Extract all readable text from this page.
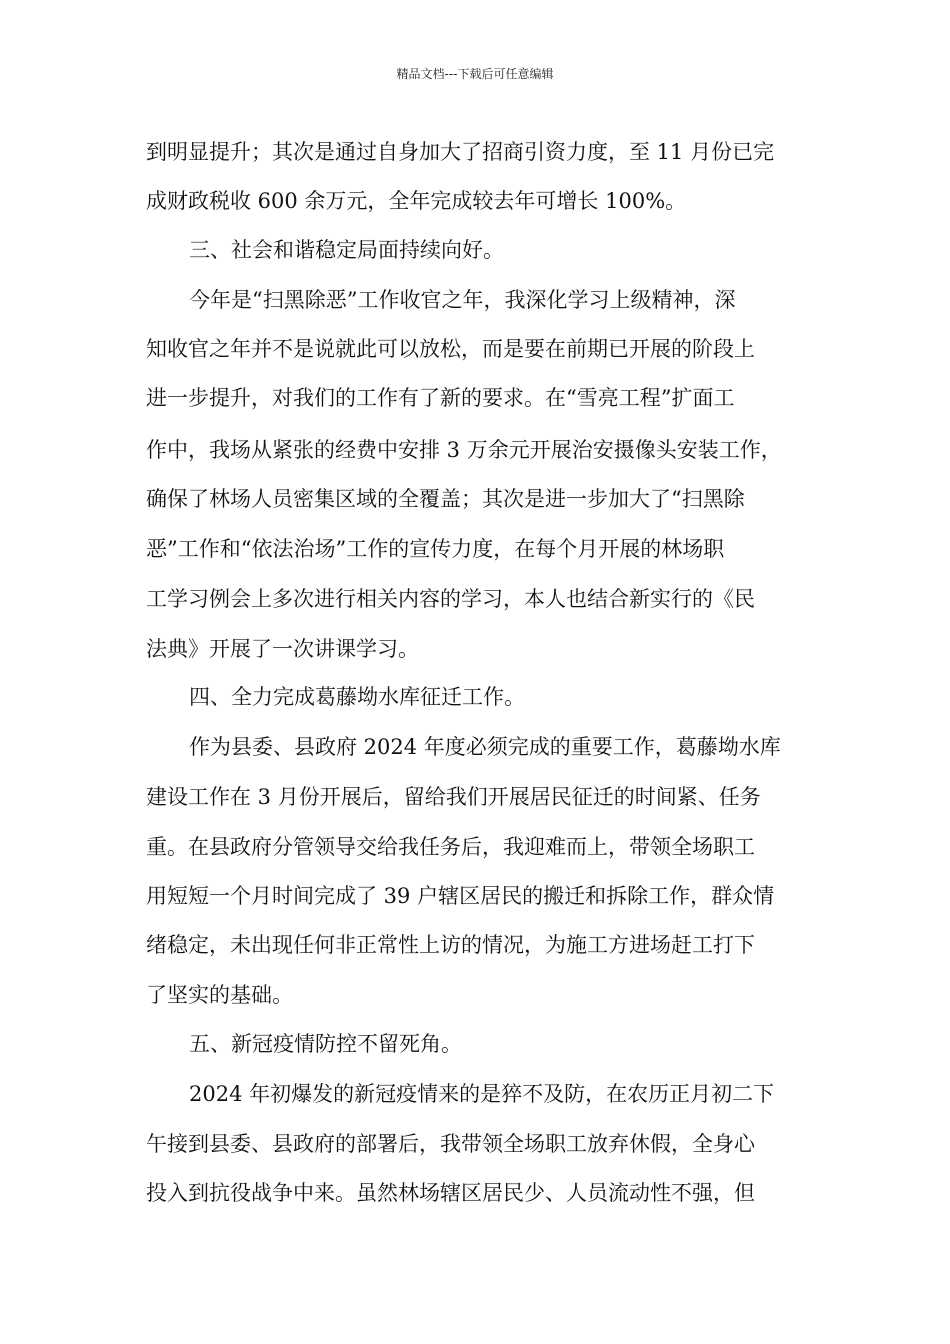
精品文档---下载后可任意编辑
到明显提升；其次是通过自身加大了招商引资力度，至 11 月份已完
成财政税收 600 余万元，全年完成较去年可增长 100%。
三、社会和谐稳定局面持续向好。
今年是“扫黑除恶”工作收官之年，我深化学习上级精神，深
知收官之年并不是说就此可以放松，而是要在前期已开展的阶段上
进一步提升，对我们的工作有了新的要求。在“雪亮工程”扩面工
作中，我场从紧张的经费中安排 3 万余元开展治安摄像头安装工作，
确保了林场人员密集区域的全覆盖；其次是进一步加大了“扫黑除
恶”工作和“依法治场”工作的宣传力度，在每个月开展的林场职
工学习例会上多次进行相关内容的学习，本人也结合新实行的《民
法典》开展了一次讲课学习。
四、全力完成葛藤坳水库征迁工作。
作为县委、县政府 2024 年度必须完成的重要工作，葛藤坳水库
建设工作在 3 月份开展后，留给我们开展居民征迁的时间紧、任务
重。在县政府分管领导交给我任务后，我迎难而上，带领全场职工
用短短一个月时间完成了 39 户辖区居民的搬迁和拆除工作，群众情
绪稳定，未出现任何非正常性上访的情况，为施工方进场赶工打下
了坚实的基础。
五、新冠疫情防控不留死角。
2024 年初爆发的新冠疫情来的是猝不及防，在农历正月初二下
午接到县委、县政府的部署后，我带领全场职工放弃休假，全身心
投入到抗役战争中来。虽然林场辖区居民少、人员流动性不强，但
